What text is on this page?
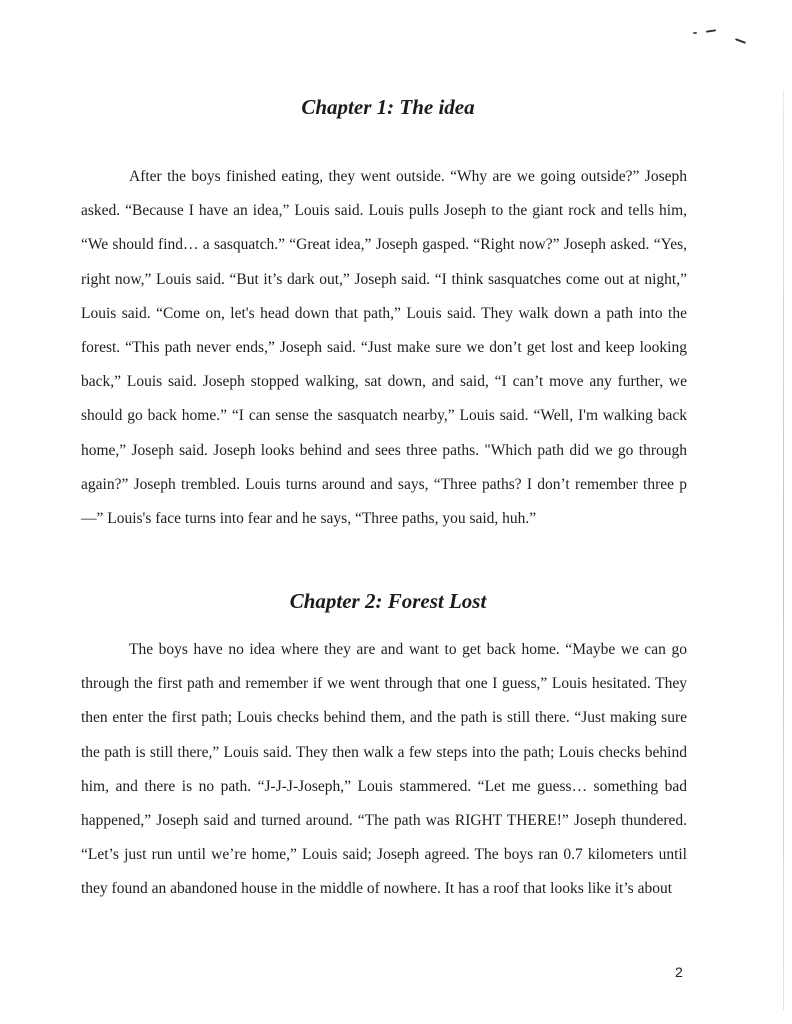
Chapter 1: The idea

After the boys finished eating, they went outside. “Why are we going outside?” Joseph asked. “Because I have an idea,” Louis said. Louis pulls Joseph to the giant rock and tells him, “We should find… a sasquatch.” “Great idea,” Joseph gasped. “Right now?” Joseph asked. “Yes, right now,” Louis said. “But it’s dark out,” Joseph said. “I think sasquatches come out at night,” Louis said. “Come on, let's head down that path,” Louis said. They walk down a path into the forest. “This path never ends,” Joseph said. “Just make sure we don’t get lost and keep looking back,” Louis said. Joseph stopped walking, sat down, and said, “I can’t move any further, we should go back home.” “I can sense the sasquatch nearby,” Louis said. “Well, I'm walking back home,” Joseph said. Joseph looks behind and sees three paths. "Which path did we go through again?” Joseph trembled. Louis turns around and says, “Three paths? I don’t remember three p—” Louis's face turns into fear and he says, “Three paths, you said, huh.”

Chapter 2: Forest Lost

The boys have no idea where they are and want to get back home. “Maybe we can go through the first path and remember if we went through that one I guess,” Louis hesitated. They then enter the first path; Louis checks behind them, and the path is still there. “Just making sure the path is still there,” Louis said. They then walk a few steps into the path; Louis checks behind him, and there is no path. “J-J-J-Joseph,” Louis stammered. “Let me guess… something bad happened,” Joseph said and turned around. “The path was RIGHT THERE!” Joseph thundered. “Let’s just run until we’re home,” Louis said; Joseph agreed. The boys ran 0.7 kilometers until they found an abandoned house in the middle of nowhere. It has a roof that looks like it’s about

2
